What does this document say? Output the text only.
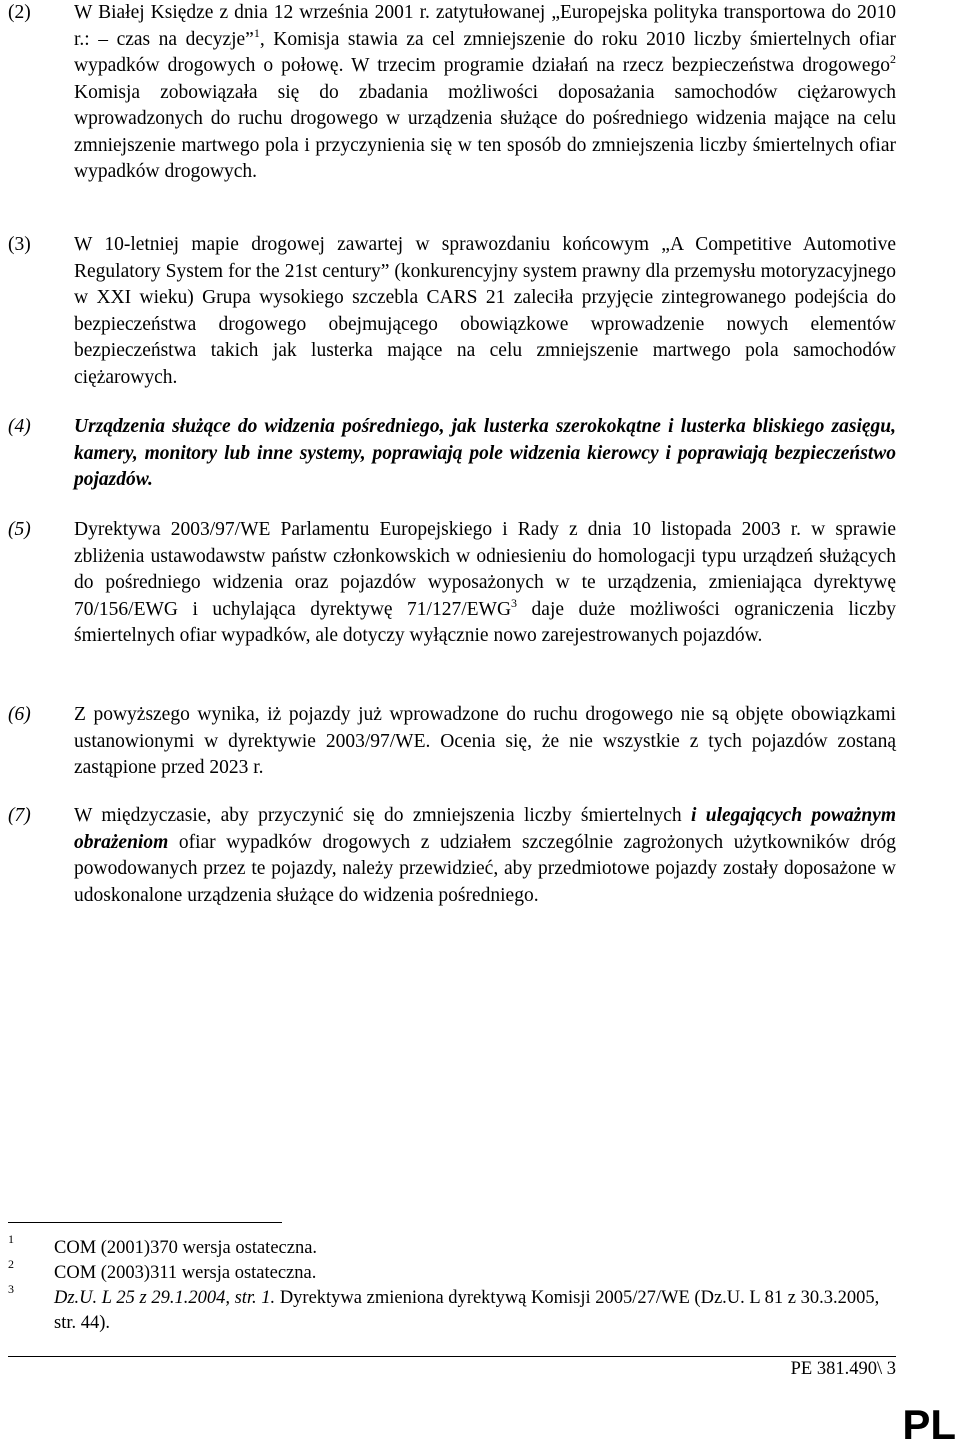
(2) W Białej Księdze z dnia 12 września 2001 r. zatytułowanej „Europejska polityka transportowa do 2010 r.: – czas na decyzje”$^1$, Komisja stawia za cel zmniejszenie do roku 2010 liczby śmiertelnych ofiar wypadków drogowych o połowę. W trzecim programie działań na rzecz bezpieczeństwa drogowego$^2$ Komisja zobowiązała się do zbadania możliwości doposażania samochodów ciężarowych wprowadzonych do ruchu drogowego w urządzenia służące do pośredniego widzenia mające na celu zmniejszenie martwego pola i przyczynienia się w ten sposób do zmniejszenia liczby śmiertelnych ofiar wypadków drogowych.
(3) W 10-letniej mapie drogowej zawartej w sprawozdaniu końcowym „A Competitive Automotive Regulatory System for the 21st century” (konkurencyjny system prawny dla przemysłu motoryzacyjnego w XXI wieku) Grupa wysokiego szczebla CARS 21 zaleciła przyjęcie zintegrowanego podejścia do bezpieczeństwa drogowego obejmującego obowiązkowe wprowadzenie nowych elementów bezpieczeństwa takich jak lusterka mające na celu zmniejszenie martwego pola samochodów ciężarowych.
(4) Urządzenia służące do widzenia pośredniego, jak lusterka szerokokątne i lusterka bliskiego zasięgu, kamery, monitory lub inne systemy, poprawiają pole widzenia kierowcy i poprawiają bezpieczeństwo pojazdów.
(5) Dyrektywa 2003/97/WE Parlamentu Europejskiego i Rady z dnia 10 listopada 2003 r. w sprawie zbliżenia ustawodawstw państw członkowskich w odniesieniu do homologacji typu urządzeń służących do pośredniego widzenia oraz pojazdów wyposażonych w te urządzenia, zmieniająca dyrektywę 70/156/EWG i uchylająca dyrektywę 71/127/EWG$^3$ daje duże możliwości ograniczenia liczby śmiertelnych ofiar wypadków, ale dotyczy wyłącznie nowo zarejestrowanych pojazdów.
(6) Z powyższego wynika, iż pojazdy już wprowadzone do ruchu drogowego nie są objęte obowiązkami ustanowionymi w dyrektywie 2003/97/WE. Ocenia się, że nie wszystkie z tych pojazdów zostaną zastąpione przed 2023 r.
(7) W międzyczasie, aby przyczynić się do zmniejszenia liczby śmiertelnych i ulegających poważnym obrażeniom ofiar wypadków drogowych z udziałem szczególnie zagrożonych użytkowników dróg powodowanych przez te pojazdy, należy przewidzieć, aby przedmiotowe pojazdy zostały doposażone w udoskonalone urządzenia służące do widzenia pośredniego.
1 COM (2001)370 wersja ostateczna.
2 COM (2003)311 wersja ostateczna.
3 Dz.U. L 25 z 29.1.2004, str. 1. Dyrektywa zmieniona dyrektywą Komisji 2005/27/WE (Dz.U. L 81 z 30.3.2005, str. 44).
PE 381.490\ 3
PL
